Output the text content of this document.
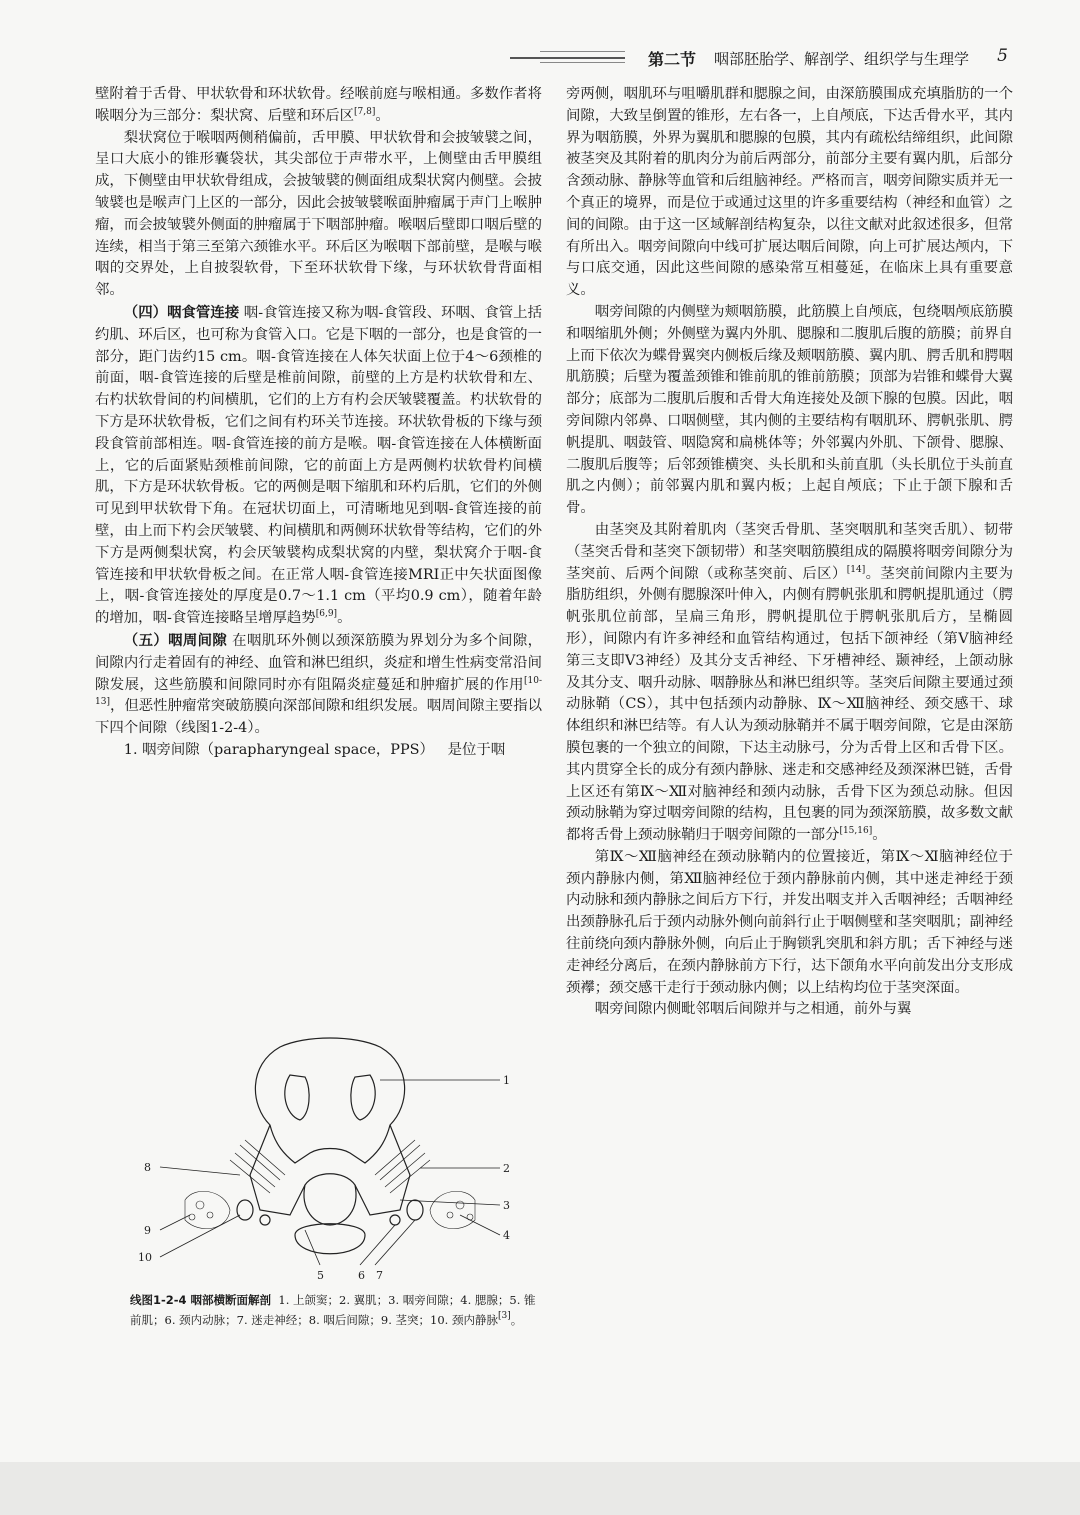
第二节 咽部胚胎学、解剖学、组织学与生理学 5

壁附着于舌骨、甲状软骨和环状软骨。经喉前庭与喉相通。多数作者将喉咽分为三部分：梨状窝、后壁和环后区[7,8]。

梨状窝位于喉咽两侧稍偏前，舌甲膜、甲状软骨和会披皱襞之间，呈口大底小的锥形囊袋状，其尖部位于声带水平，上侧壁由舌甲膜组成，下侧壁由甲状软骨组成，会披皱襞的侧面组成梨状窝内侧壁。会披皱襞也是喉声门上区的一部分，因此会披皱襞喉面肿瘤属于声门上喉肿瘤，而会披皱襞外侧面的肿瘤属于下咽部肿瘤。喉咽后壁即口咽后壁的连续，相当于第三至第六颈锥水平。环后区为喉咽下部前壁，是喉与喉咽的交界处，上自披裂软骨，下至环状软骨下缘，与环状软骨背面相邻。

（四）咽食管连接 咽-食管连接又称为咽-食管段、环咽、食管上括约肌、环后区，也可称为食管入口。它是下咽的一部分，也是食管的一部分，距门齿约15 cm。咽-食管连接在人体矢状面上位于4～6颈椎的前面，咽-食管连接的后壁是椎前间隙，前壁的上方是杓状软骨和左、右杓状软骨间的杓间横肌，它们的上方有杓会厌皱襞覆盖。杓状软骨的下方是环状软骨板，它们之间有杓环关节连接。环状软骨板的下缘与颈段食管前部相连。咽-食管连接的前方是喉。咽-食管连接在人体横断面上，它的后面紧贴颈椎前间隙，它的前面上方是两侧杓状软骨杓间横肌，下方是环状软骨板。它的两侧是咽下缩肌和环杓后肌，它们的外侧可见到甲状软骨下角。在冠状切面上，可清晰地见到咽-食管连接的前壁，由上而下杓会厌皱襞、杓间横肌和两侧环状软骨等结构，它们的外下方是两侧梨状窝，杓会厌皱襞构成梨状窝的内壁，梨状窝介于咽-食管连接和甲状软骨板之间。在正常人咽-食管连接MRI正中矢状面图像上，咽-食管连接处的厚度是0.7～1.1 cm（平均0.9 cm），随着年龄的增加，咽-食管连接略呈增厚趋势[6,9]。

（五）咽周间隙 在咽肌环外侧以颈深筋膜为界划分为多个间隙，间隙内行走着固有的神经、血管和淋巴组织，炎症和增生性病变常沿间隙发展，这些筋膜和间隙同时亦有阻隔炎症蔓延和肿瘤扩展的作用[10-13]，但恶性肿瘤常突破筋膜向深部间隙和组织发展。咽周间隙主要指以下四个间隙（线图1-2-4）。

1. 咽旁间隙（parapharyngeal space，PPS） 是位于咽

1
2
3
4
5	6 7
8
9
10
线图1-2-4 咽部横断面解剖 1. 上颌窦；2. 翼肌；3. 咽旁间隙；4. 腮腺；5. 锥前肌；6. 颈内动脉；7. 迷走神经；8. 咽后间隙；9. 茎突；10. 颈内静脉[3]。

旁两侧，咽肌环与咀嚼肌群和腮腺之间，由深筋膜围成充填脂肪的一个间隙，大致呈倒置的锥形，左右各一，上自颅底，下达舌骨水平，其内界为咽筋膜，外界为翼肌和腮腺的包膜，其内有疏松结缔组织，此间隙被茎突及其附着的肌肉分为前后两部分，前部分主要有翼内肌，后部分含颈动脉、静脉等血管和后组脑神经。严格而言，咽旁间隙实质并无一个真正的境界，而是位于或通过这里的许多重要结构（神经和血管）之间的间隙。由于这一区域解剖结构复杂，以往文献对此叙述很多，但常有所出入。咽旁间隙向中线可扩展达咽后间隙，向上可扩展达颅内，下与口底交通，因此这些间隙的感染常互相蔓延，在临床上具有重要意义。

咽旁间隙的内侧壁为颊咽筋膜，此筋膜上自颅底，包绕咽颅底筋膜和咽缩肌外侧；外侧壁为翼内外肌、腮腺和二腹肌后腹的筋膜；前界自上而下依次为蝶骨翼突内侧板后缘及颊咽筋膜、翼内肌、腭舌肌和腭咽肌筋膜；后壁为覆盖颈锥和锥前肌的锥前筋膜；顶部为岩锥和蝶骨大翼部分；底部为二腹肌后腹和舌骨大角连接处及颌下腺的包膜。因此，咽旁间隙内邻鼻、口咽侧壁，其内侧的主要结构有咽肌环、腭帆张肌、腭帆提肌、咽鼓管、咽隐窝和扁桃体等；外邻翼内外肌、下颌骨、腮腺、二腹肌后腹等；后邻颈锥横突、头长肌和头前直肌（头长肌位于头前直肌之内侧）；前邻翼内肌和翼内板；上起自颅底；下止于颌下腺和舌骨。

由茎突及其附着肌肉（茎突舌骨肌、茎突咽肌和茎突舌肌）、韧带（茎突舌骨和茎突下颌韧带）和茎突咽筋膜组成的隔膜将咽旁间隙分为茎突前、后两个间隙（或称茎突前、后区）[14]。茎突前间隙内主要为脂肪组织，外侧有腮腺深叶伸入，内侧有腭帆张肌和腭帆提肌通过（腭帆张肌位前部，呈扁三角形，腭帆提肌位于腭帆张肌后方，呈椭圆形），间隙内有许多神经和血管结构通过，包括下颌神经（第Ⅴ脑神经第三支即V3神经）及其分支舌神经、下牙槽神经、颞神经，上颌动脉及其分支、咽升动脉、咽静脉丛和淋巴组织等。茎突后间隙主要通过颈动脉鞘（CS），其中包括颈内动静脉、Ⅸ～Ⅻ脑神经、颈交感干、球体组织和淋巴结等。有人认为颈动脉鞘并不属于咽旁间隙，它是由深筋膜包裹的一个独立的间隙，下达主动脉弓，分为舌骨上区和舌骨下区。其内贯穿全长的成分有颈内静脉、迷走和交感神经及颈深淋巴链，舌骨上区还有第Ⅸ～Ⅻ对脑神经和颈内动脉，舌骨下区为颈总动脉。但因颈动脉鞘为穿过咽旁间隙的结构，且包裹的同为颈深筋膜，故多数文献都将舌骨上颈动脉鞘归于咽旁间隙的一部分[15,16]。

第Ⅸ～Ⅻ脑神经在颈动脉鞘内的位置接近，第Ⅸ～Ⅺ脑神经位于颈内静脉内侧，第Ⅻ脑神经位于颈内静脉前内侧，其中迷走神经于颈内动脉和颈内静脉之间后方下行，并发出咽支并入舌咽神经；舌咽神经出颈静脉孔后于颈内动脉外侧向前斜行止于咽侧壁和茎突咽肌；副神经往前绕向颈内静脉外侧，向后止于胸锁乳突肌和斜方肌；舌下神经与迷走神经分离后，在颈内静脉前方下行，达下颌角水平向前发出分支形成颈襻；颈交感干走行于颈动脉内侧；以上结构均位于茎突深面。

咽旁间隙内侧毗邻咽后间隙并与之相通，前外与翼
